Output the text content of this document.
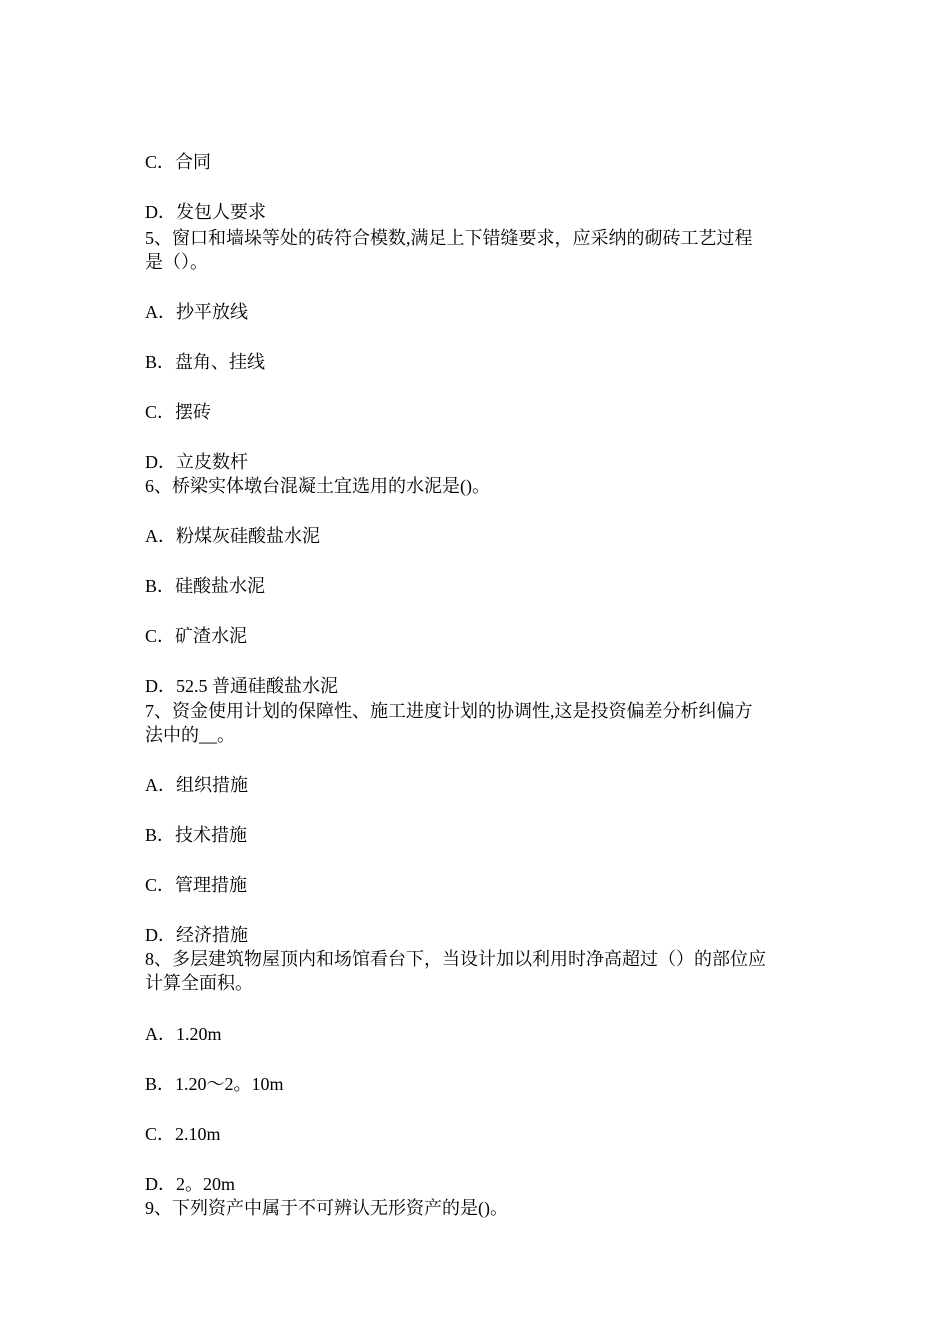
C．合同
D．发包人要求
5、窗口和墙垛等处的砖符合模数,满足上下错缝要求，应采纳的砌砖工艺过程
是（）。
A．抄平放线
B．盘角、挂线
C．摆砖
D．立皮数杆
6、桥梁实体墩台混凝土宜选用的水泥是()。
A．粉煤灰硅酸盐水泥
B．硅酸盐水泥
C．矿渣水泥
D．52.5 普通硅酸盐水泥
7、资金使用计划的保障性、施工进度计划的协调性,这是投资偏差分析纠偏方
法中的__。
A．组织措施
B．技术措施
C．管理措施
D．经济措施
8、多层建筑物屋顶内和场馆看台下，当设计加以利用时净高超过（）的部位应
计算全面积。
A．1.20m
B．1.20～2。10m
C．2.10m
D．2。20m
9、下列资产中属于不可辨认无形资产的是()。
